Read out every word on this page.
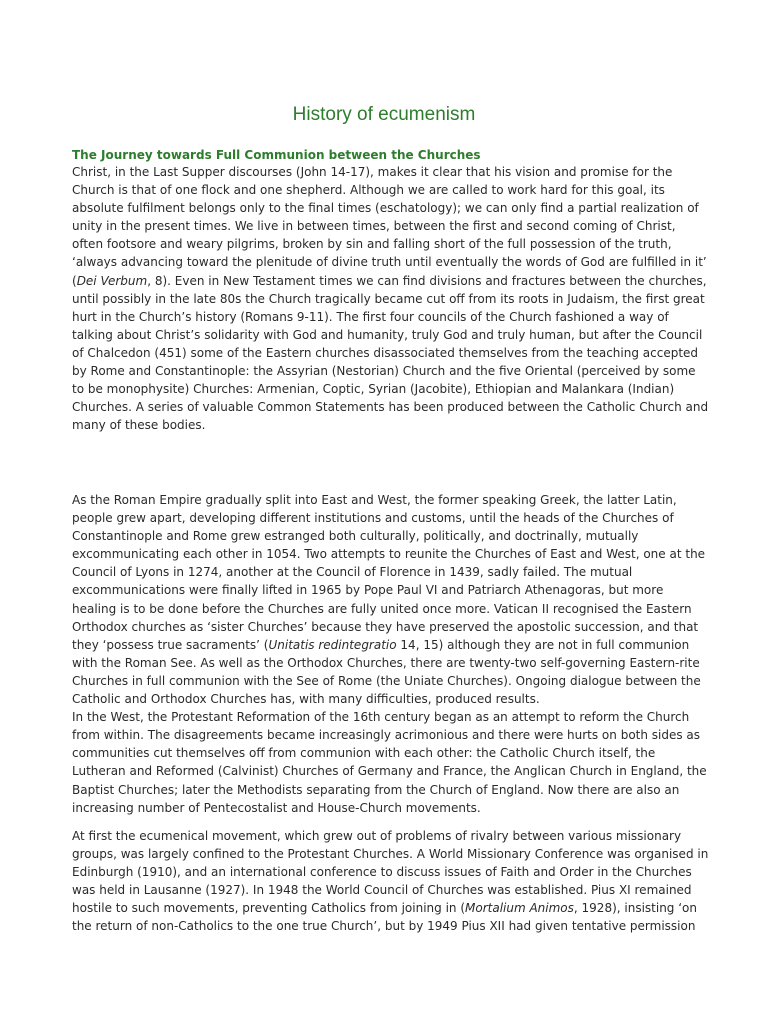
History of ecumenism
The Journey towards Full Communion between the Churches
Christ, in the Last Supper discourses (John 14-17), makes it clear that his vision and promise for the
Church is that of one flock and one shepherd. Although we are called to work hard for this goal, its
absolute fulfilment belongs only to the final times (eschatology); we can only find a partial realization of
unity in the present times. We live in between times, between the first and second coming of Christ,
often footsore and weary pilgrims, broken by sin and falling short of the full possession of the truth,
‘always advancing toward the plenitude of divine truth until eventually the words of God are fulfilled in it’
(Dei Verbum, 8). Even in New Testament times we can find divisions and fractures between the churches,
until possibly in the late 80s the Church tragically became cut off from its roots in Judaism, the first great
hurt in the Church’s history (Romans 9-11). The first four councils of the Church fashioned a way of
talking about Christ’s solidarity with God and humanity, truly God and truly human, but after the Council
of Chalcedon (451) some of the Eastern churches disassociated themselves from the teaching accepted
by Rome and Constantinople: the Assyrian (Nestorian) Church and the five Oriental (perceived by some
to be monophysite) Churches: Armenian, Coptic, Syrian (Jacobite), Ethiopian and Malankara (Indian)
Churches. A series of valuable Common Statements has been produced between the Catholic Church and
many of these bodies.
As the Roman Empire gradually split into East and West, the former speaking Greek, the latter Latin,
people grew apart, developing different institutions and customs, until the heads of the Churches of
Constantinople and Rome grew estranged both culturally, politically, and doctrinally, mutually
excommunicating each other in 1054. Two attempts to reunite the Churches of East and West, one at the
Council of Lyons in 1274, another at the Council of Florence in 1439, sadly failed. The mutual
excommunications were finally lifted in 1965 by Pope Paul VI and Patriarch Athenagoras, but more
healing is to be done before the Churches are fully united once more. Vatican II recognised the Eastern
Orthodox churches as ‘sister Churches’ because they have preserved the apostolic succession, and that
they ‘possess true sacraments’ (Unitatis redintegratio 14, 15) although they are not in full communion
with the Roman See. As well as the Orthodox Churches, there are twenty-two self-governing Eastern-rite
Churches in full communion with the See of Rome (the Uniate Churches). Ongoing dialogue between the
Catholic and Orthodox Churches has, with many difficulties, produced results.
In the West, the Protestant Reformation of the 16th century began as an attempt to reform the Church
from within. The disagreements became increasingly acrimonious and there were hurts on both sides as
communities cut themselves off from communion with each other: the Catholic Church itself, the
Lutheran and Reformed (Calvinist) Churches of Germany and France, the Anglican Church in England, the
Baptist Churches; later the Methodists separating from the Church of England. Now there are also an
increasing number of Pentecostalist and House-Church movements.
At first the ecumenical movement, which grew out of problems of rivalry between various missionary
groups, was largely confined to the Protestant Churches. A World Missionary Conference was organised in
Edinburgh (1910), and an international conference to discuss issues of Faith and Order in the Churches
was held in Lausanne (1927). In 1948 the World Council of Churches was established. Pius XI remained
hostile to such movements, preventing Catholics from joining in (Mortalium Animos, 1928), insisting ‘on
the return of non-Catholics to the one true Church’, but by 1949 Pius XII had given tentative permission
